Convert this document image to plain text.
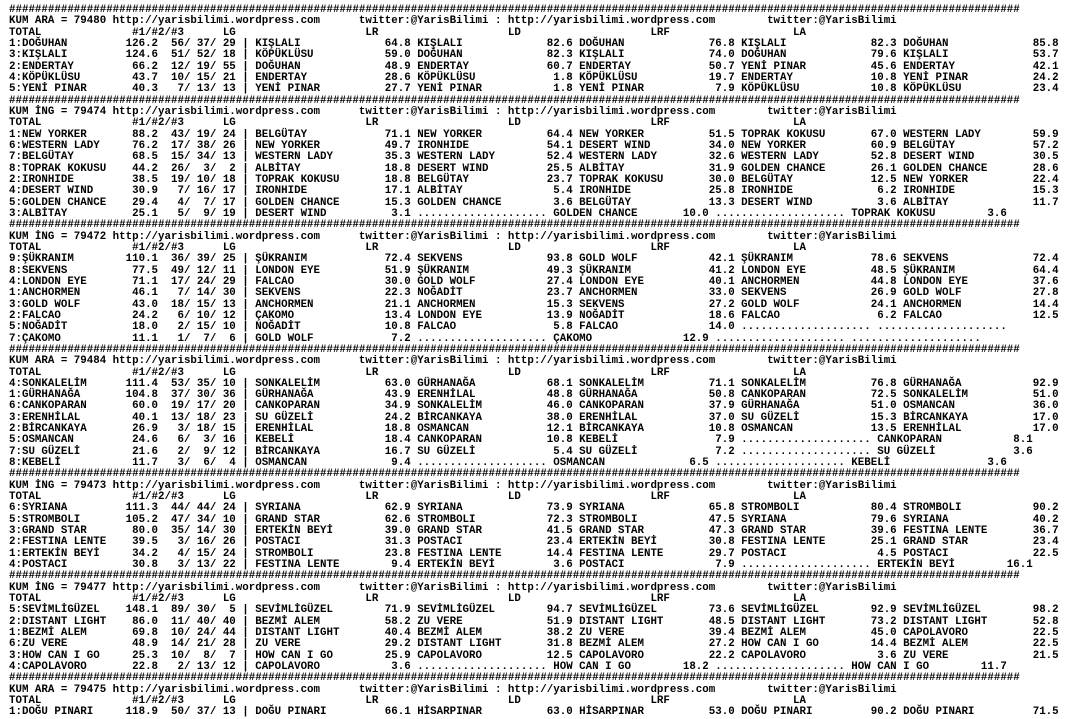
############################################################################################################################################################
KUM ARA = 79480 http://yarisbilimi.wordpress.com      twitter:@YarisBilimi : http://yarisbilimi.wordpress.com        twitter:@YarisBilimi
TOTAL              #1/#2/#3      LG                    LR                    LD                    LRF                   LA
1:DOĞUHAN         126.2  56/ 37/ 29 | KIŞLALI             64.8 KIŞLALI             82.6 DOĞUHAN             76.8 KIŞLALI             82.3 DOĞUHAN             85.8
3:KIŞLALI         124.6  51/ 52/ 18 | KÖPÜKLÜSU           59.0 DOĞUHAN             82.3 KIŞLALI             74.0 DOĞUHAN             79.6 KIŞLALI             53.7
2:ENDERTAY         66.2  12/ 19/ 55 | DOĞUHAN             48.9 ENDERTAY            60.7 ENDERTAY            50.7 YENİ PINAR          45.6 ENDERTAY            42.1
4:KÖPÜKLÜSU        43.7  10/ 15/ 21 | ENDERTAY            28.6 KÖPÜKLÜSU            1.8 KÖPÜKLÜSU           19.7 ENDERTAY            10.8 YENİ PINAR          24.2
5:YENİ PINAR       40.3   7/ 13/ 13 | YENİ PINAR          27.7 YENİ PINAR           1.8 YENİ PINAR           7.9 KÖPÜKLÜSU           10.8 KÖPÜKLÜSU           23.4
############################################################################################################################################################
KUM İNG = 79474 http://yarisbilimi.wordpress.com      twitter:@YarisBilimi : http://yarisbilimi.wordpress.com        twitter:@YarisBilimi
TOTAL              #1/#2/#3      LG                    LR                    LD                    LRF                   LA
1:NEW YORKER       88.2  43/ 19/ 24 | BELGÜTAY            71.1 NEW YORKER          64.4 NEW YORKER          51.5 TOPRAK KOKUSU       67.0 WESTERN LADY        59.9
6:WESTERN LADY     76.2  17/ 38/ 26 | NEW YORKER          49.7 IRONHIDE            54.1 DESERT WIND         34.0 NEW YORKER          60.9 BELGÜTAY            57.2
7:BELGÜTAY         68.5  15/ 34/ 13 | WESTERN LADY        35.3 WESTERN LADY        52.4 WESTERN LADY        32.6 WESTERN LADY        52.8 DESERT WIND         30.5
8:TOPRAK KOKUSU    44.2  26/  3/  2 | ALBİTAY             18.8 DESERT WIND         25.5 ALBİTAY             31.9 GOLDEN CHANCE       26.1 GOLDEN CHANCE       28.6
2:IRONHIDE         38.5  19/ 10/ 18 | TOPRAK KOKUSU       18.8 BELGÜTAY            23.7 TOPRAK KOKUSU       30.0 BELGÜTAY            12.5 NEW YORKER          22.4
4:DESERT WIND      30.9   7/ 16/ 17 | IRONHIDE            17.1 ALBİTAY              5.4 IRONHIDE            25.8 IRONHIDE             6.2 IRONHIDE            15.3
5:GOLDEN CHANCE    29.4   4/  7/ 17 | GOLDEN CHANCE       15.3 GOLDEN CHANCE        3.6 BELGÜTAY            13.3 DESERT WIND          3.6 ALBİTAY             11.7
3:ALBİTAY          25.1   5/  9/ 19 | DESERT WIND          3.1 .................... GOLDEN CHANCE       10.0 .................... TOPRAK KOKUSU        3.6
############################################################################################################################################################
KUM İNG = 79472 http://yarisbilimi.wordpress.com      twitter:@YarisBilimi : http://yarisbilimi.wordpress.com        twitter:@YarisBilimi
TOTAL              #1/#2/#3      LG                    LR                    LD                    LRF                   LA
9:ŞÜKRANIM        110.1  36/ 39/ 25 | ŞÜKRANIM            72.4 SEKVENS             93.8 GOLD WOLF           42.1 ŞÜKRANIM            78.6 SEKVENS             72.4
8:SEKVENS          77.5  49/ 12/ 11 | LONDON EYE          51.9 ŞÜKRANIM            49.3 ŞÜKRANIM            41.2 LONDON EYE          48.5 ŞÜKRANIM            64.4
4:LONDON EYE       71.1  17/ 24/ 29 | FALCAO              30.0 GOLD WOLF           27.4 LONDON EYE          40.1 ANCHORMEN           44.8 LONDON EYE          37.6
1:ANCHORMEN        46.1   7/ 14/ 30 | SEKVENS             22.3 NOĞADİT             23.7 ANCHORMEN           33.0 SEKVENS             26.9 GOLD WOLF           27.8
3:GOLD WOLF        43.0  18/ 15/ 13 | ANCHORMEN           21.1 ANCHORMEN           15.3 SEKVENS             27.2 GOLD WOLF           24.1 ANCHORMEN           14.4
2:FALCAO           24.2   6/ 10/ 12 | ÇAKOMO              13.4 LONDON EYE          13.9 NOĞADİT             18.6 FALCAO               6.2 FALCAO              12.5
5:NOĞADİT          18.0   2/ 15/ 10 | NOĞADİT             10.8 FALCAO               5.8 FALCAO              14.0 .................... ....................
7:ÇAKOMO           11.1   1/  7/  6 | GOLD WOLF            7.2 .................... ÇAKOMO              12.9 .................... ....................
############################################################################################################################################################
KUM ARA = 79484 http://yarisbilimi.wordpress.com      twitter:@YarisBilimi : http://yarisbilimi.wordpress.com        twitter:@YarisBilimi
TOTAL              #1/#2/#3      LG                    LR                    LD                    LRF                   LA
4:SONKALELİM      111.4  53/ 35/ 10 | SONKALELİM          63.0 GÜRHANAĞA           68.1 SONKALELİM          71.1 SONKALELİM          76.8 GÜRHANAĞA           92.9
1:GÜRHANAĞA       104.8  37/ 30/ 36 | GÜRHANAĞA           43.9 ERENHİLAL           48.8 GÜRHANAĞA           50.8 CANKOPARAN          72.5 SONKALELİM          51.0
6:CANKOPARAN       60.0  19/ 17/ 20 | CANKOPARAN          34.9 SONKALELİM          46.0 CANKOPARAN          37.9 GÜRHANAĞA           51.0 OSMANCAN            36.0
3:ERENHİLAL        40.1  13/ 18/ 23 | SU GÜZELİ           24.2 BİRCANKAYA          38.0 ERENHİLAL           37.0 SU GÜZELİ           15.3 BİRCANKAYA          17.0
2:BİRCANKAYA       26.9   3/ 18/ 15 | ERENHİLAL           18.8 OSMANCAN            12.1 BİRCANKAYA          10.8 OSMANCAN            13.5 ERENHİLAL           17.0
5:OSMANCAN         24.6   6/  3/ 16 | KEBELİ              18.4 CANKOPARAN          10.8 KEBELİ               7.9 .................... CANKOPARAN           8.1
7:SU GÜZELİ        21.6   2/  9/ 12 | BİRCANKAYA          16.7 SU GÜZELİ            5.4 SU GÜZELİ            7.2 .................... SU GÜZELİ            3.6
8:KEBELİ           11.7   3/  6/  4 | OSMANCAN             9.4 .................... OSMANCAN             6.5 .................... KEBELİ               3.6
############################################################################################################################################################
KUM İNG = 79473 http://yarisbilimi.wordpress.com      twitter:@YarisBilimi : http://yarisbilimi.wordpress.com        twitter:@YarisBilimi
TOTAL              #1/#2/#3      LG                    LR                    LD                    LRF                   LA
6:SYRIANA         111.3  44/ 44/ 24 | SYRIANA             62.9 SYRIANA             73.9 SYRIANA             65.8 STROMBOLI           80.4 STROMBOLI           90.2
5:STROMBOLI       105.2  47/ 34/ 10 | GRAND STAR          62.6 STROMBOLI           72.3 STROMBOLI           47.5 SYRIANA             79.6 SYRIANA             40.2
3:GRAND STAR       80.0  35/ 14/ 30 | ERTEKİN BEYİ        39.0 GRAND STAR          41.5 GRAND STAR          47.3 GRAND STAR          39.6 FESTINA LENTE       36.7
2:FESTINA LENTE    39.5   3/ 16/ 26 | POSTACI             31.3 POSTACI             23.4 ERTEKİN BEYİ        30.8 FESTINA LENTE       25.1 GRAND STAR          23.4
1:ERTEKİN BEYİ     34.2   4/ 15/ 24 | STROMBOLI           23.8 FESTINA LENTE       14.4 FESTINA LENTE       29.7 POSTACI              4.5 POSTACI             22.5
4:POSTACI          30.8   3/ 13/ 22 | FESTINA LENTE        9.4 ERTEKİN BEYİ         3.6 POSTACI              7.9 .................... ERTEKİN BEYİ        16.1
############################################################################################################################################################
KUM İNG = 79477 http://yarisbilimi.wordpress.com      twitter:@YarisBilimi : http://yarisbilimi.wordpress.com        twitter:@YarisBilimi
TOTAL              #1/#2/#3      LG                    LR                    LD                    LRF                   LA
5:SEVİMLİGÜZEL    148.1  89/ 30/  5 | SEVİMLİGÜZEL        71.9 SEVİMLİGÜZEL        94.7 SEVİMLİGÜZEL        73.6 SEVİMLİGÜZEL        92.9 SEVİMLİGÜZEL        98.2
2:DISTANT LIGHT    86.0  11/ 40/ 40 | BEZMİ ALEM          58.2 ZU VERE             51.9 DISTANT LIGHT       48.5 DISTANT LIGHT       73.2 DISTANT LIGHT       52.8
1:BEZMİ ALEM       69.8  10/ 24/ 44 | DISTANT LIGHT       40.4 BEZMİ ALEM          38.2 ZU VERE             39.4 BEZMİ ALEM          45.0 CAPOLAVORO          22.5
6:ZU VERE          48.9  14/ 21/ 28 | ZU VERE             29.2 DISTANT LIGHT       31.8 BEZMİ ALEM          27.2 HOW CAN I GO        14.4 BEZMİ ALEM          22.5
3:HOW CAN I GO     25.3  10/  8/  7 | HOW CAN I GO        25.9 CAPOLAVORO          12.5 CAPOLAVORO          22.2 CAPOLAVORO           3.6 ZU VERE             21.5
4:CAPOLAVORO       22.8   2/ 13/ 12 | CAPOLAVORO           3.6 .................... HOW CAN I GO        18.2 .................... HOW CAN I GO        11.7
############################################################################################################################################################
KUM ARA = 79475 http://yarisbilimi.wordpress.com      twitter:@YarisBilimi : http://yarisbilimi.wordpress.com        twitter:@YarisBilimi
TOTAL              #1/#2/#3      LG                    LR                    LD                    LRF                   LA
1:DOĞU PINARI     118.9  50/ 37/ 13 | DOĞU PINARI         66.1 HİSARPINAR          63.0 HİSARPINAR          53.0 DOĞU PINARI         90.2 DOĞU PINARI         71.5
